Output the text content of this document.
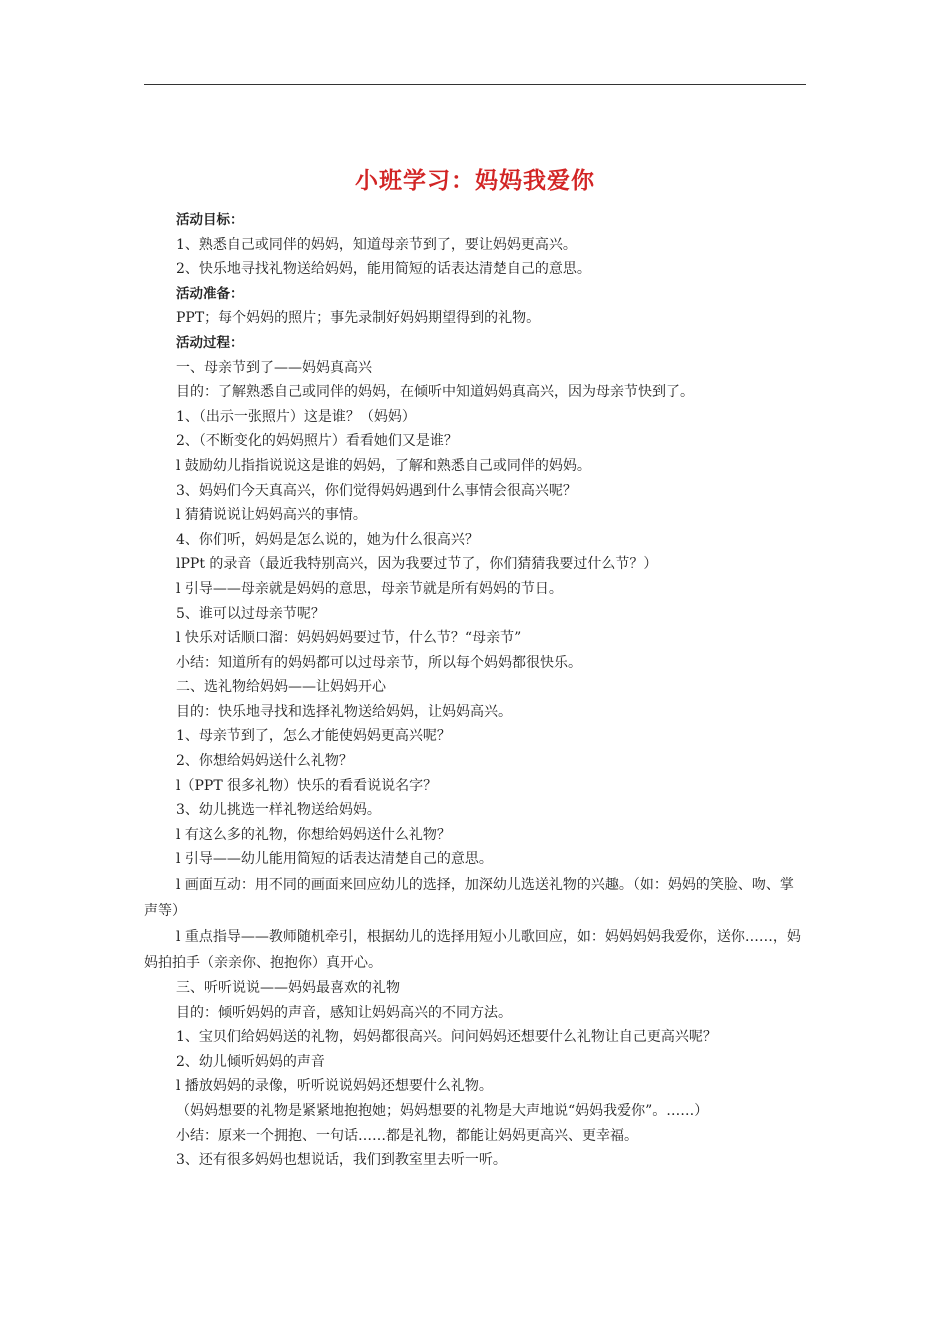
小班学习：妈妈我爱你
活动目标：
1、熟悉自己或同伴的妈妈，知道母亲节到了，要让妈妈更高兴。
2、快乐地寻找礼物送给妈妈，能用简短的话表达清楚自己的意思。
活动准备：
PPT；每个妈妈的照片；事先录制好妈妈期望得到的礼物。
活动过程：
一、母亲节到了——妈妈真高兴
目的：了解熟悉自己或同伴的妈妈，在倾听中知道妈妈真高兴，因为母亲节快到了。
1、（出示一张照片）这是谁？（妈妈）
2、（不断变化的妈妈照片）看看她们又是谁？
l 鼓励幼儿指指说说这是谁的妈妈，了解和熟悉自己或同伴的妈妈。
3、妈妈们今天真高兴，你们觉得妈妈遇到什么事情会很高兴呢？
l 猜猜说说让妈妈高兴的事情。
4、你们听，妈妈是怎么说的，她为什么很高兴？
lPPt 的录音（最近我特别高兴，因为我要过节了，你们猜猜我要过什么节？）
l 引导——母亲就是妈妈的意思，母亲节就是所有妈妈的节日。
5、谁可以过母亲节呢？
l 快乐对话顺口溜：妈妈妈妈要过节，什么节？“母亲节”
小结：知道所有的妈妈都可以过母亲节，所以每个妈妈都很快乐。
二、选礼物给妈妈——让妈妈开心
目的：快乐地寻找和选择礼物送给妈妈，让妈妈高兴。
1、母亲节到了，怎么才能使妈妈更高兴呢？
2、你想给妈妈送什么礼物？
l（PPT 很多礼物）快乐的看看说说名字？
3、幼儿挑选一样礼物送给妈妈。
l 有这么多的礼物，你想给妈妈送什么礼物？
l 引导——幼儿能用简短的话表达清楚自己的意思。
l 画面互动：用不同的画面来回应幼儿的选择，加深幼儿选送礼物的兴趣。（如：妈妈的笑脸、吻、掌声等）
l 重点指导——教师随机牵引，根据幼儿的选择用短小儿歌回应，如：妈妈妈妈我爱你，送你……，妈妈拍拍手（亲亲你、抱抱你）真开心。
三、听听说说——妈妈最喜欢的礼物
目的：倾听妈妈的声音，感知让妈妈高兴的不同方法。
1、宝贝们给妈妈送的礼物，妈妈都很高兴。问问妈妈还想要什么礼物让自己更高兴呢？
2、幼儿倾听妈妈的声音
l 播放妈妈的录像，听听说说妈妈还想要什么礼物。
（妈妈想要的礼物是紧紧地抱抱她；妈妈想要的礼物是大声地说“妈妈我爱你”。……）
小结：原来一个拥抱、一句话……都是礼物，都能让妈妈更高兴、更幸福。
3、还有很多妈妈也想说话，我们到教室里去听一听。
